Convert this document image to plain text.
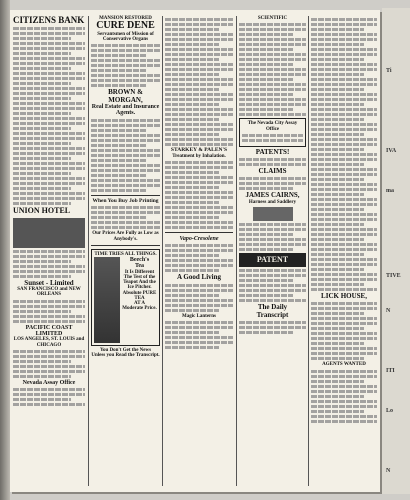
Ti
IVA
ma
TIVE
N
ITI
Lo
N
CITIZENS BANK
UNION HOTEL
Sunset - Limited
SAN FRANCISCO and NEW ORLEANS
PACIFIC COAST LIMITED
LOS ANGELES, ST. LOUIS and CHICAGO
Nevada Assay Office
MANSION RESTORED
CURE DENE
Servantsmen of Mission of Conservative Organs
BROWN & MORGAN,
Real Estate and Insurance Agents.
When You Buy Job Printing
Our Prices Are Fully as Low as Anybody's.
TIME TRIES ALL THINGS.
Beech's
Tea
It Is Different
The Test of the
Teapot And the
Ice Pitcher.
Absolute PURE TEA
AT A
Moderate Price.
You Don't Get the News
Unless you Read the Transcript.
STARKEY & PALEN'S
Treatment by Inhalation.
Vapo-Cresolene
A Good Living
Magic Lanterns
SCIENTIFIC
The Nevada City Assay Office
PATENTS!
CLAIMS
JAMES CAIRNS,
Harness and Saddlery
PATENT
The Daily
Transcript
LICK HOUSE,
AGENTS WANTED
